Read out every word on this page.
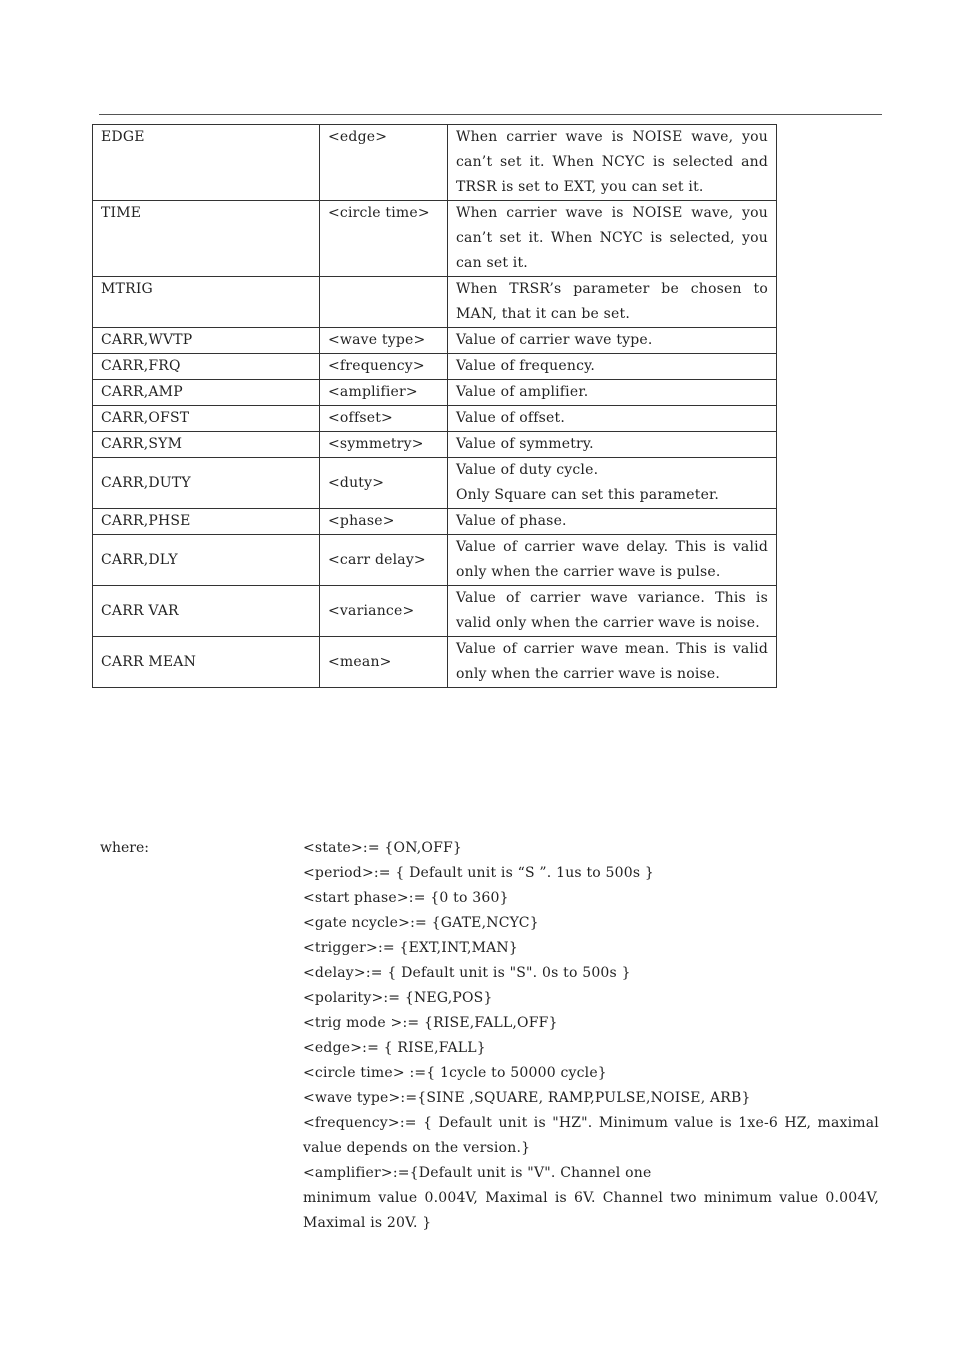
EDGE	<edge>	When carrier wave is NOISE wave, you can’t set it. When NCYC is selected and TRSR is set to EXT, you can set it.
TIME	<circle time>	When carrier wave is NOISE wave, you can’t set it. When NCYC is selected, you can set it.
MTRIG		When TRSR’s parameter be chosen to MAN, that it can be set.
CARR,WVTP	<wave type>	Value of carrier wave type.
CARR,FRQ	<frequency>	Value of frequency.
CARR,AMP	<amplifier>	Value of amplifier.
CARR,OFST	<offset>	Value of offset.
CARR,SYM	<symmetry>	Value of symmetry.
CARR,DUTY	<duty>	Value of duty cycle.
Only Square can set this parameter.

CARR,PHSE	<phase>	Value of phase.
CARR,DLY	<carr delay>	Value of carrier wave delay. This is valid only when the carrier wave is pulse.
CARR VAR	<variance>	Value of carrier wave variance. This is valid only when the carrier wave is noise.
CARR MEAN	<mean>	Value of carrier wave mean. This is valid only when the carrier wave is noise.
where:	<state>:= {ON,OFF}
<period>:= { Default unit is “S ”. 1us to 500s }
<start phase>:= {0 to 360}
<gate ncycle>:= {GATE,NCYC}
<trigger>:= {EXT,INT,MAN}
<delay>:= { Default unit is "S". 0s to 500s }
<polarity>:= {NEG,POS}
<trig mode >:= {RISE,FALL,OFF}
<edge>:= { RISE,FALL}
<circle time> :={ 1cycle to 50000 cycle}
<wave type>:={SINE ,SQUARE, RAMP,PULSE,NOISE, ARB}
<frequency>:= { Default unit is "HZ". Minimum value is 1xe-6 HZ, maximal value depends on the version.}
<amplifier>:={Default unit is "V". Channel one
minimum value 0.004V, Maximal is 6V. Channel two minimum value 0.004V, Maximal is 20V. }
